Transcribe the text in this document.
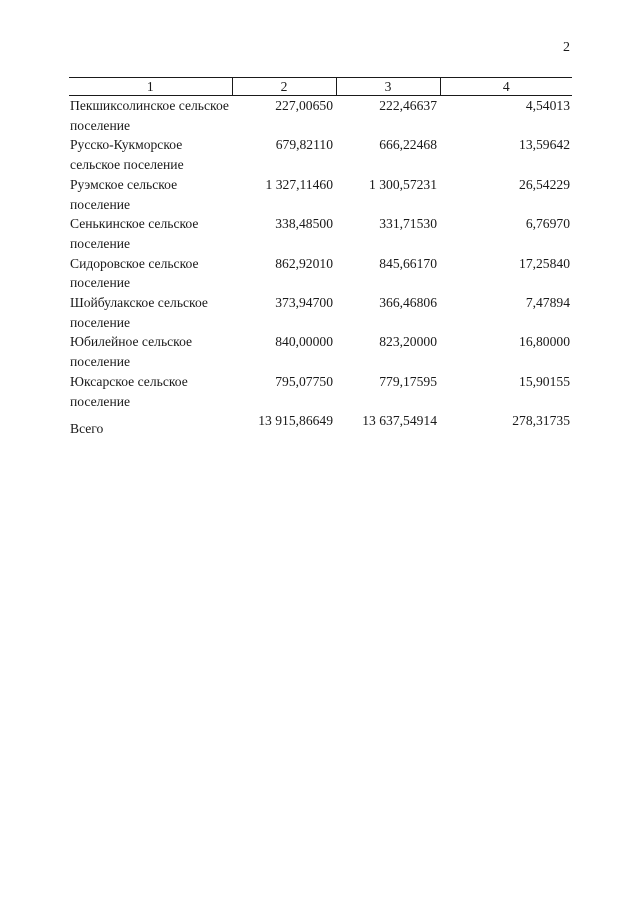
2
1	2	3	4
Пекшиксолинское сельское поселение	227,00650	222,46637	4,54013
Русско-Кукморское сельское поселение	679,82110	666,22468	13,59642
Руэмское сельское поселение	1 327,11460	1 300,57231	26,54229
Сенькинское сельское поселение	338,48500	331,71530	6,76970
Сидоровское сельское поселение	862,92010	845,66170	17,25840
Шойбулакское сельское поселение	373,94700	366,46806	7,47894
Юбилейное сельское поселение	840,00000	823,20000	16,80000
Юксарское сельское поселение	795,07750	779,17595	15,90155
Всего	13 915,86649	13 637,54914	278,31735
